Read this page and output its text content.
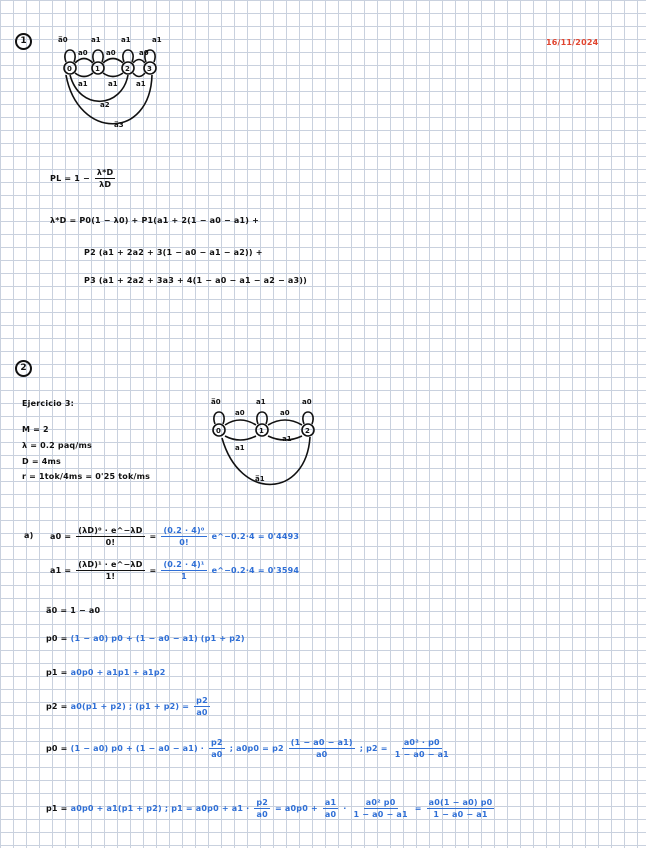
16/11/2024
1
0	1	2 3
a̅0	a1	a1	a1
a0	a0	a0
a1	a1	a1
a2
a̅3
PL = $1 - \frac{\lambda*D}{\lambda D}$
λ*D = P0(1 − λ0) + P1(a1 + 2(1 − a0 − a1) +
P2 (a1 + 2a2 + 3(1 − a0 − a1 − a2)) +
P3 (a1 + 2a2 + 3a3 + 4(1 − a0 − a1 − a2 − a3))
2
Ejercicio 3:
M = 2
λ = 0.2 paq/ms
D = 4ms
r = 1tok/4ms = 0'25 tok/ms
0	1	2
a̅0	a1	a0
a0	a0
a1
a1
a̅1
a) $a0 = \frac{\text{(λD)⁰ · e\textasciicircum{}−λD}}{0!} = \frac{\text{(0.2 · 4)⁰}}{0!}$ e^−0.2·4 = 0'4493
$a1 = \frac{\text{(λD)¹ · e\textasciicircum{}−λD}}{1!} = \frac{\text{(0.2 · 4)¹}}{1}$ e^−0.2·4 = 0'3594
a̅0 = 1 − a0
p0 = (1 − a0) p0 + (1 − a0 − a1) (p1 + p2)
p1 = a0p0 + a1p1 + a1p2
p2 = a0(p1 + p2) ; $(p1 + p2) = \frac{p2}{a0}$
p0 = (1 − a0) $p0 + (1 - a0 - a1) \cdot \frac{p2}{a0}$ ; $a0p0 = p2 \frac{(1 - a0 - a1)}{a0}$ ; $p2 = \frac{\text{a0² · p0}}{1 - a0 - a1}$
p1 = a0p0 + a1(p1 + p2) ; $p1 = a0p0 + a1 \cdot \frac{p2}{a0} = a0p0 + \frac{a1}{a0} \cdot \frac{\text{a0² p0}}{1 - a0 - a1} = \frac{a0(1 - a0) p0}{1 - a0 - a1}$
